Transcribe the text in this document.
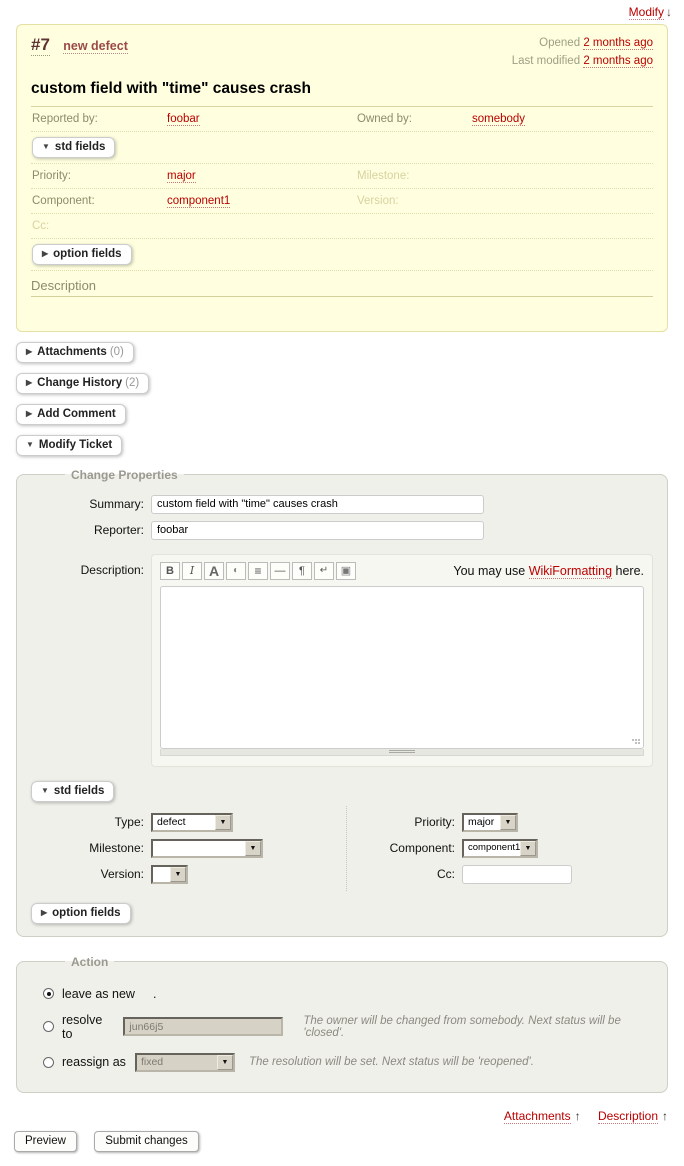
Modify ↓
#7 new defect	Opened 2 months ago
Last modified 2 months ago
custom field with "time" causes crash
Reported by:	foobar	Owned by:	somebody
▼ std fields
Priority:	major	Milestone:
Component:	component1	Version:
Cc:
▶ option fields
Description
▶ Attachments (0)
▶ Change History (2)
▶ Add Comment
▼ Modify Ticket
Change Properties
Summary:
custom field with "time" causes crash
Reporter:
foobar
Description:	B	I	A	◐	≡	—	¶	↵	▣	You may use WikiFormatting here.
▼ std fields
Type:	defect	▼
Milestone:	▼
Version:	▼
Priority:	major	▼
Component:	component1 ▼
Cc:
▶ option fields
Action
leave as new .
resolve to
jun66j5
The owner will be changed from somebody. Next status will be 'closed'.
reassign as	fixed	▼	The resolution will be set. Next status will be 'reopened'.
Attachments ↑ Description ↑
Preview	Submit changes
